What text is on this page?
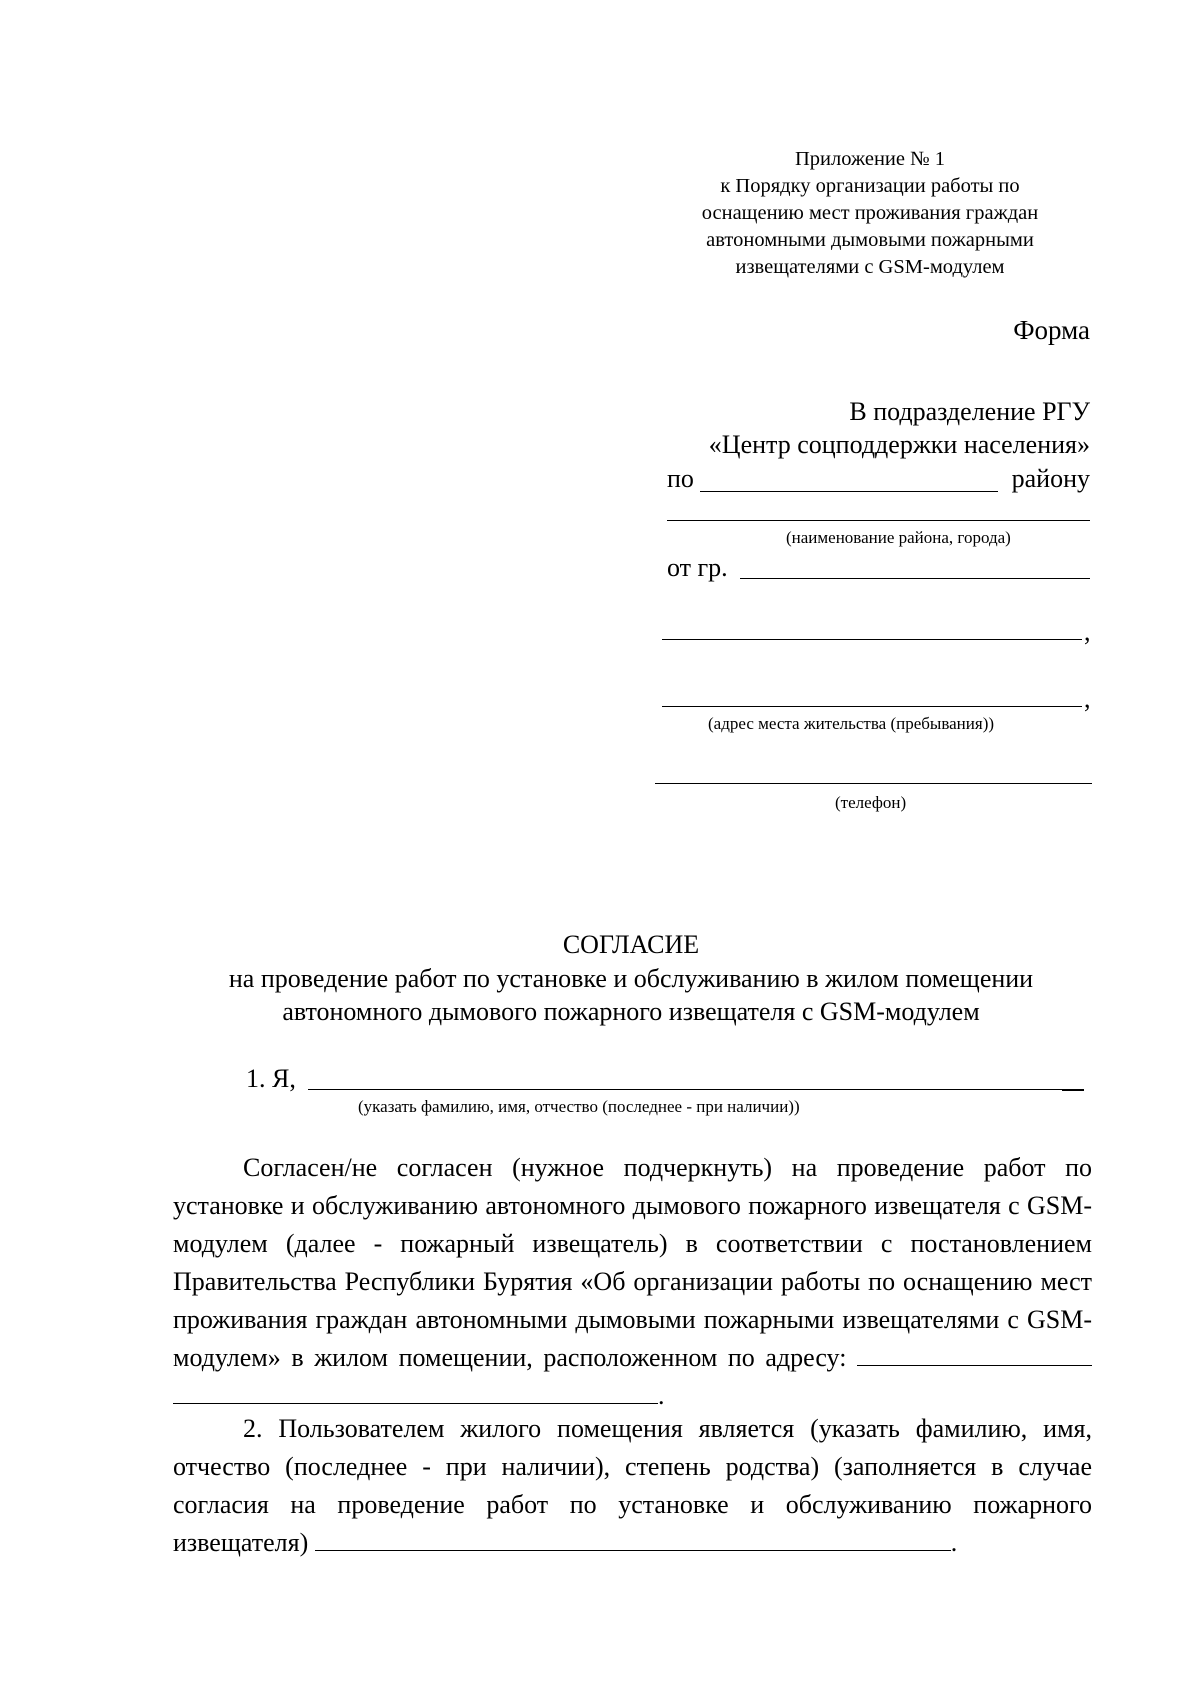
Приложение № 1
к Порядку организации работы по
оснащению мест проживания граждан
автономными дымовыми пожарными
извещателями с GSM-модулем
Форма
В подразделение РГУ
«Центр соцподдержки населения»
по	району
(наименование района, города)
от гр.
,
,
(адрес места жительства (пребывания))
(телефон)
СОГЛАСИЕ
на проведение работ по установке и обслуживанию в жилом помещении
автономного дымового пожарного извещателя с GSM-модулем
1. Я,
(указать фамилию, имя, отчество (последнее - при наличии))

Согласен/не согласен (нужное подчеркнуть) на проведение работ по установке и обслуживанию автономного дымового пожарного извещателя с GSM-модулем (далее - пожарный извещатель) в соответствии с постановлением Правительства Республики Бурятия «Об организации работы по оснащению мест проживания граждан автономными дымовыми пожарными извещателями с GSM-модулем» в жилом помещении, расположенном по адресу: .

2. Пользователем жилого помещения является (указать фамилию, имя, отчество (последнее - при наличии), степень родства) (заполняется в случае согласия на проведение работ по установке и обслуживанию пожарного извещателя)	.
